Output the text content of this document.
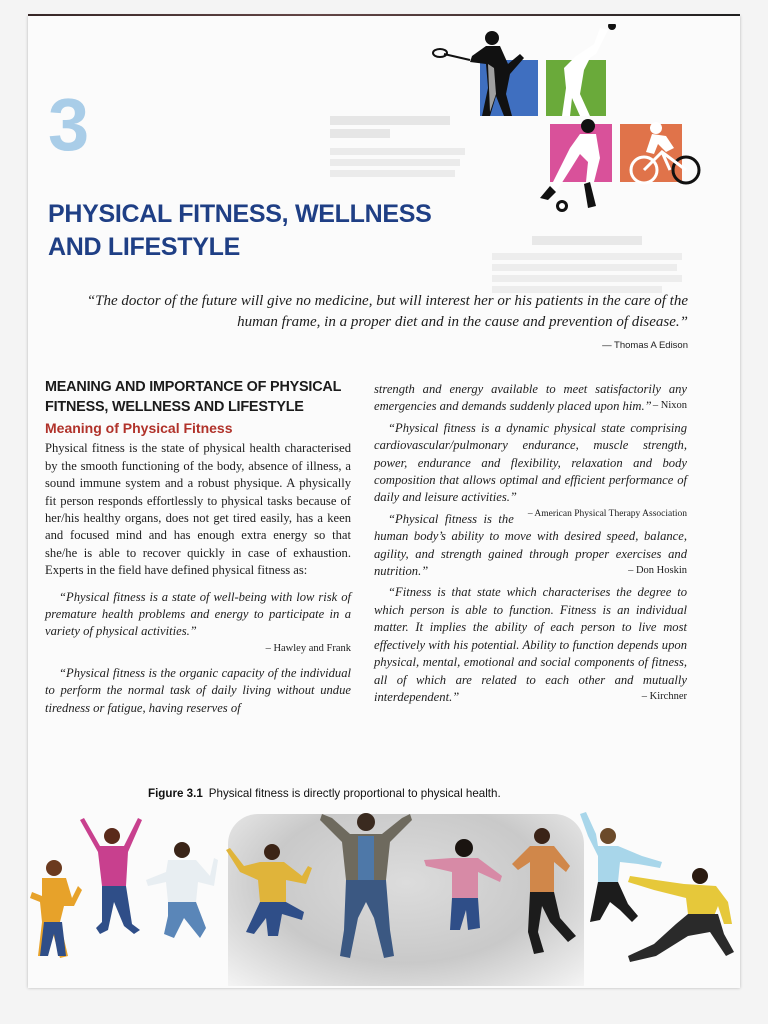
3
PHYSICAL FITNESS, WELLNESS AND LIFESTYLE
“The doctor of the future will give no medicine, but will interest her or his patients in the care of the human frame, in a proper diet and in the cause and prevention of disease.”
— Thomas A Edison
MEANING AND IMPORTANCE OF PHYSICAL FITNESS, WELLNESS AND LIFESTYLE
Meaning of Physical Fitness

Physical fitness is the state of physical health characterised by the smooth functioning of the body, absence of illness, a sound immune system and a robust physique. A physically fit person responds effortlessly to physical tasks because of her/his healthy organs, does not get tired easily, has a keen and focused mind and has enough extra energy so that she/he is able to recover quickly in case of exhaustion. Experts in the field have defined physical fitness as:

“Physical fitness is a state of well-being with low risk of premature health problems and energy to participate in a variety of physical activities.”
– Hawley and Frank

“Physical fitness is the organic capacity of the individual to perform the normal task of daily living without undue tiredness or fatigue, having reserves of

strength and energy available to meet satisfactorily any emergencies and demands suddenly placed upon him.” – Nixon

“Physical fitness is a dynamic physical state comprising cardiovascular/pulmonary endurance, muscle strength, power, endurance and flexibility, relaxation and body composition that allows optimal and efficient performance of daily and leisure activities.”
– American Physical Therapy Association

“Physical fitness is the human body’s ability to move with desired speed, balance, agility, and strength gained through proper exercises and nutrition.”	– Don Hoskin

“Fitness is that state which characterises the degree to which person is able to function. Fitness is an individual matter. It implies the ability of each person to live most effectively with his potential. Ability to function depends upon physical, mental, emotional and social components of fitness, all of which are related to each other and mutually interdependent.”	– Kirchner

Figure 3.1 Physical fitness is directly proportional to physical health.
